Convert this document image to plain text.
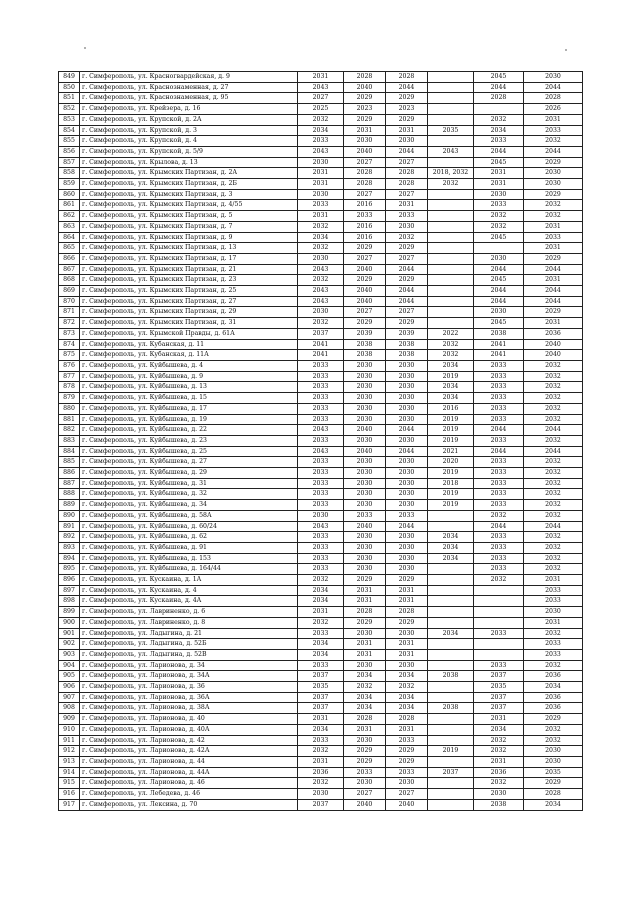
849	г. Симферополь, ул. Красногвардейская, д. 9	2031	2028	2028		2045	2030
850	г. Симферополь, ул. Краснознаменная, д. 27	2043	2040	2044		2044	2044
851	г. Симферополь, ул. Краснознаменная, д. 95	2027	2029	2029		2028	2028
852	г. Симферополь, ул. Крейзера, д. 16	2025	2023	2023			2026
853	г. Симферополь, ул. Крупской, д. 2А	2032	2029	2029		2032	2031
854	г. Симферополь, ул. Крупской, д. 3	2034	2031	2031	2035	2034	2033
855	г. Симферополь, ул. Крупской, д. 4	2033	2030	2030		2033	2032
856	г. Симферополь, ул. Крупской, д. 5/9	2043	2040	2044	2043	2044	2044
857	г. Симферополь, ул. Крылова, д. 13	2030	2027	2027		2045	2029
858	г. Симферополь, ул. Крымских Партизан, д. 2А	2031	2028	2028	2018, 2032	2031	2030
859	г. Симферополь, ул. Крымских Партизан, д. 2Б	2031	2028	2028	2032	2031	2030
860	г. Симферополь, ул. Крымских Партизан, д. 3	2030	2027	2027		2030	2029
861	г. Симферополь, ул. Крымских Партизан, д. 4/55	2033	2016	2031		2033	2032
862	г. Симферополь, ул. Крымских Партизан, д. 5	2031	2033	2033		2032	2032
863	г. Симферополь, ул. Крымских Партизан, д. 7	2032	2016	2030		2032	2031
864	г. Симферополь, ул. Крымских Партизан, д. 9	2034	2016	2032		2045	2033
865	г. Симферополь, ул. Крымских Партизан, д. 13	2032	2029	2029			2031
866	г. Симферополь, ул. Крымских Партизан, д. 17	2030	2027	2027		2030	2029
867	г. Симферополь, ул. Крымских Партизан, д. 21	2043	2040	2044		2044	2044
868	г. Симферополь, ул. Крымских Партизан, д. 23	2032	2029	2029		2045	2031
869	г. Симферополь, ул. Крымских Партизан, д. 25	2043	2040	2044		2044	2044
870	г. Симферополь, ул. Крымских Партизан, д. 27	2043	2040	2044		2044	2044
871	г. Симферополь, ул. Крымских Партизан, д. 29	2030	2027	2027		2030	2029
872	г. Симферополь, ул. Крымских Партизан, д. 31	2032	2029	2029		2045	2031
873	г. Симферополь, ул. Крымской Правды, д. 61А	2037	2039	2039	2022	2038	2036
874	г. Симферополь, ул. Кубанская, д. 11	2041	2038	2038	2032	2041	2040
875	г. Симферополь, ул. Кубанская, д. 11А	2041	2038	2038	2032	2041	2040
876	г. Симферополь, ул. Куйбышева, д. 4	2033	2030	2030	2034	2033	2032
877	г. Симферополь, ул. Куйбышева, д. 9	2033	2030	2030	2019	2033	2032
878	г. Симферополь, ул. Куйбышева, д. 13	2033	2030	2030	2034	2033	2032
879	г. Симферополь, ул. Куйбышева, д. 15	2033	2030	2030	2034	2033	2032
880	г. Симферополь, ул. Куйбышева, д. 17	2033	2030	2030	2016	2033	2032
881	г. Симферополь, ул. Куйбышева, д. 19	2033	2030	2030	2019	2033	2032
882	г. Симферополь, ул. Куйбышева, д. 22	2043	2040	2044	2019	2044	2044
883	г. Симферополь, ул. Куйбышева, д. 23	2033	2030	2030	2019	2033	2032
884	г. Симферополь, ул. Куйбышева, д. 25	2043	2040	2044	2021	2044	2044
885	г. Симферополь, ул. Куйбышева, д. 27	2033	2030	2030	2020	2033	2032
886	г. Симферополь, ул. Куйбышева, д. 29	2033	2030	2030	2019	2033	2032
887	г. Симферополь, ул. Куйбышева, д. 31	2033	2030	2030	2018	2033	2032
888	г. Симферополь, ул. Куйбышева, д. 32	2033	2030	2030	2019	2033	2032
889	г. Симферополь, ул. Куйбышева, д. 34	2033	2030	2030	2019	2033	2032
890	г. Симферополь, ул. Куйбышева, д. 58А	2030	2033	2033		2032	2032
891	г. Симферополь, ул. Куйбышева, д. 60/24	2043	2040	2044		2044	2044
892	г. Симферополь, ул. Куйбышева, д. 62	2033	2030	2030	2034	2033	2032
893	г. Симферополь, ул. Куйбышева, д. 91	2033	2030	2030	2034	2033	2032
894	г. Симферополь, ул. Куйбышева, д. 153	2033	2030	2030	2034	2033	2032
895	г. Симферополь, ул. Куйбышева, д. 164/44	2033	2030	2030		2033	2032
896	г. Симферополь, ул. Кускаина, д. 1А	2032	2029	2029		2032	2031
897	г. Симферополь, ул. Кускаина, д. 4	2034	2031	2031			2033
898	г. Симферополь, ул. Кускаина, д. 4А	2034	2031	2031			2033
899	г. Симферополь, ул. Лавриненко, д. 6	2031	2028	2028			2030
900	г. Симферополь, ул. Лавриненко, д. 8	2032	2029	2029			2031
901	г. Симферополь, ул. Ладыгина, д. 21	2033	2030	2030	2034	2033	2032
902	г. Симферополь, ул. Ладыгина, д. 52Б	2034	2031	2031			2033
903	г. Симферополь, ул. Ладыгина, д. 52В	2034	2031	2031			2033
904	г. Симферополь, ул. Ларионова, д. 34	2033	2030	2030		2033	2032
905	г. Симферополь, ул. Ларионова, д. 34А	2037	2034	2034	2038	2037	2036
906	г. Симферополь, ул. Ларионова, д. 36	2035	2032	2032		2035	2034
907	г. Симферополь, ул. Ларионова, д. 36А	2037	2034	2034		2037	2036
908	г. Симферополь, ул. Ларионова, д. 38А	2037	2034	2034	2038	2037	2036
909	г. Симферополь, ул. Ларионова, д. 40	2031	2028	2028		2031	2029
910	г. Симферополь, ул. Ларионова, д. 40А	2034	2031	2031		2034	2032
911	г. Симферополь, ул. Ларионова, д. 42	2033	2030	2033		2032	2032
912	г. Симферополь, ул. Ларионова, д. 42А	2032	2029	2029	2019	2032	2030
913	г. Симферополь, ул. Ларионова, д. 44	2031	2029	2029		2031	2030
914	г. Симферополь, ул. Ларионова, д. 44А	2036	2033	2033	2037	2036	2035
915	г. Симферополь, ул. Ларионова, д. 46	2032	2030	2030		2032	2029
916	г. Симферополь, ул. Лебедева, д. 46	2030	2027	2027		2030	2028
917	г. Симферополь, ул. Лексина, д. 70	2037	2040	2040		2038	2034
